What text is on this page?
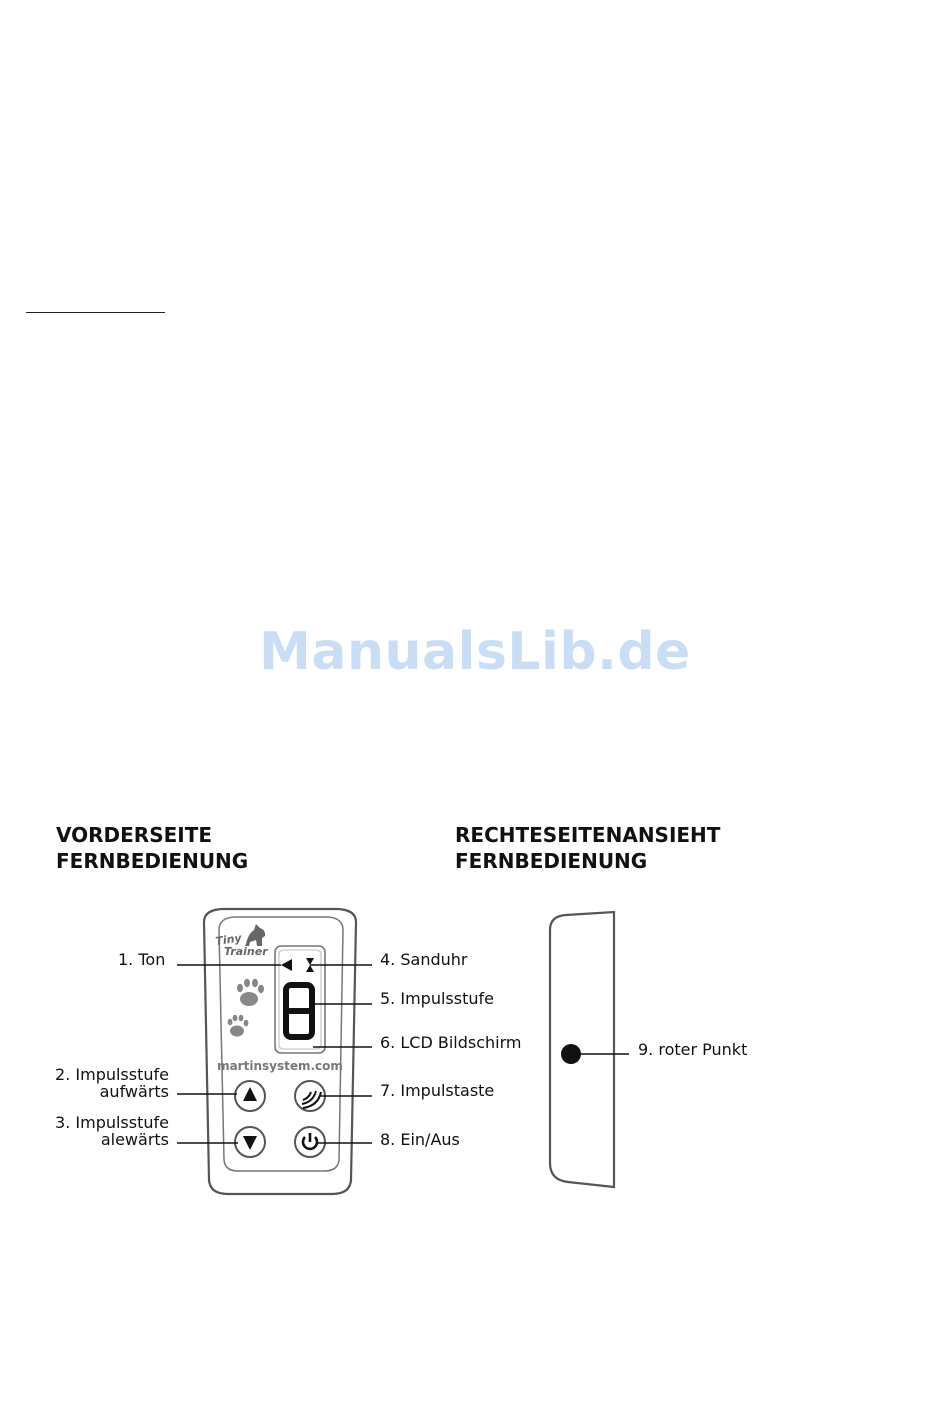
ManualsLib.de
VORDERSEITE
FERNBEDIENUNG
RECHTESEITENANSIEHT
FERNBEDIENUNG
Tiny
Trainer
martinsystem.com
1. Ton
2. Impulsstufe
aufwärts
3. Impulsstufe
alewärts
4. Sanduhr
5. Impulsstufe
6. LCD Bildschirm
7. Impulstaste
8. Ein/Aus
9. roter Punkt
